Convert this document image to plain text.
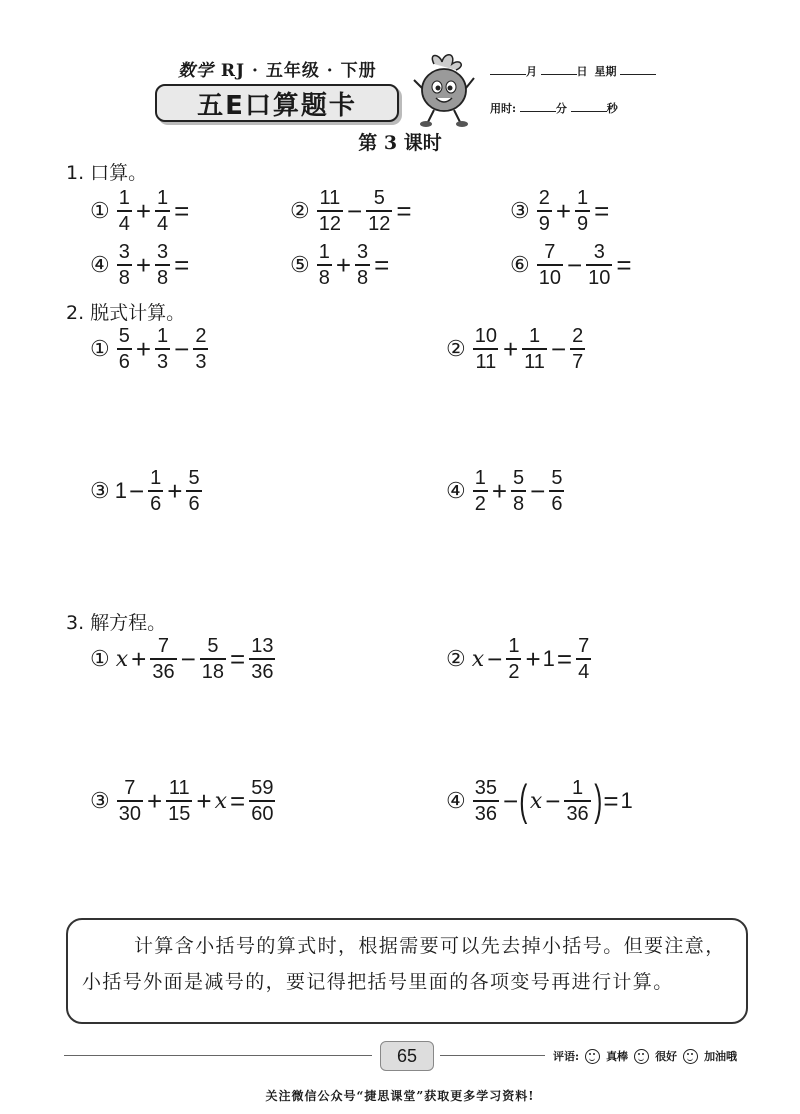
数学 RJ · 五年级 · 下册
五E口算题卡
月	日 星期
用时:	分	秒
第 3 课时
1. 口算。
① $\frac{1}{4} + \frac{1}{4}$ =	② $\frac{11}{12} - \frac{5}{12}$ =	③ $\frac{2}{9} + \frac{1}{9}$ =
④ $\frac{3}{8} + \frac{3}{8}$ =	⑤ $\frac{1}{8} + \frac{3}{8}$ =	⑥ $\frac{7}{10} - \frac{3}{10}$ =
2. 脱式计算。
① $\frac{5}{6} + \frac{1}{3} - \frac{2}{3}$	② $\frac{10}{11} + \frac{1}{11} - \frac{2}{7}$
③ $1 - \frac{1}{6} + \frac{5}{6}$	④ $\frac{1}{2} + \frac{5}{8} - \frac{5}{6}$
3. 解方程。
① $x + \frac{7}{36} - \frac{5}{18} = \frac{13}{36}$	② $x - \frac{1}{2} + 1 = \frac{7}{4}$
③ $\frac{7}{30} + \frac{11}{15} + x = \frac{59}{60}$	④ $\frac{35}{36}$ − ( $x - \frac{1}{36}$ ) = 1
计算含小括号的算式时，根据需要可以先去掉小括号。但要注意，小括号外面是减号的，要记得把括号里面的各项变号再进行计算。
65	评语: 真棒 很好 加油哦
关注微信公众号“捷思课堂”获取更多学习资料!
